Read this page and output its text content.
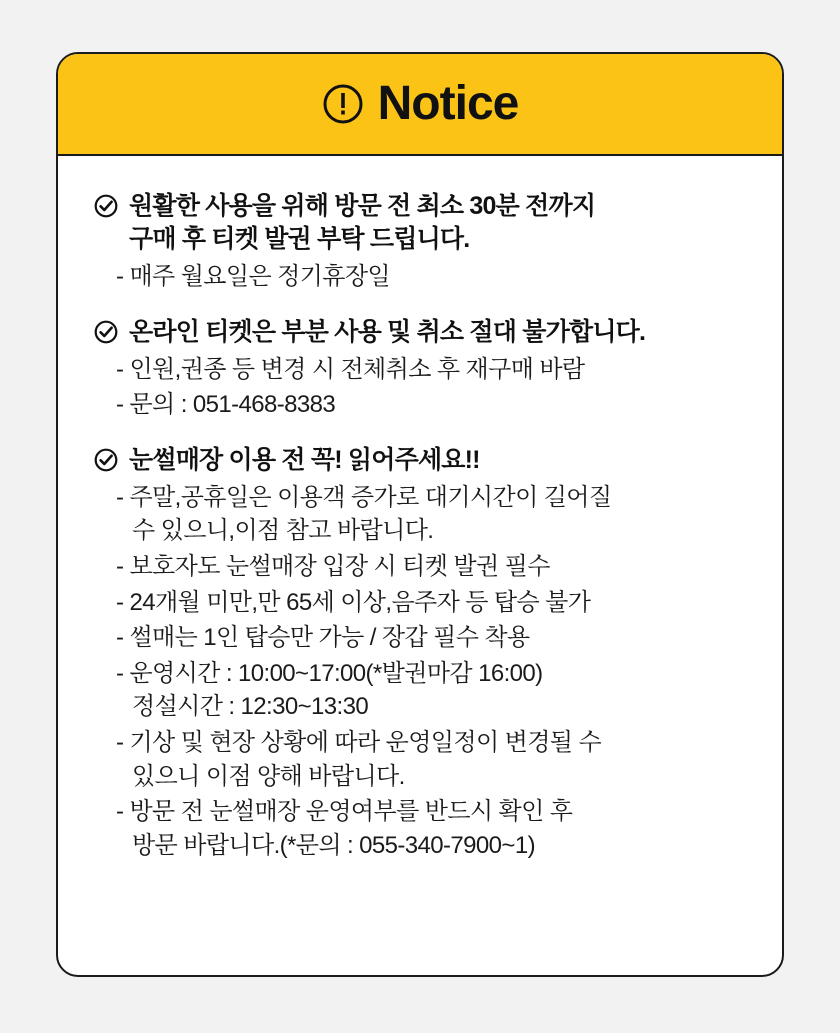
Notice
원활한 사용을 위해 방문 전 최소 30분 전까지
구매 후 티켓 발권 부탁 드립니다.
- 매주 월요일은 정기휴장일
온라인 티켓은 부분 사용 및 취소 절대 불가합니다.
- 인원,권종 등 변경 시 전체취소 후 재구매 바람
- 문의 : 051-468-8383
눈썰매장 이용 전 꼭! 읽어주세요!!
- 주말,공휴일은 이용객 증가로 대기시간이 길어질
수 있으니,이점 참고 바랍니다.
- 보호자도 눈썰매장 입장 시 티켓 발권 필수
- 24개월 미만,만 65세 이상,음주자 등 탑승 불가
- 썰매는 1인 탑승만 가능 / 장갑 필수 착용
- 운영시간 : 10:00~17:00(*발권마감 16:00)
정설시간 : 12:30~13:30
- 기상 및 현장 상황에 따라 운영일정이 변경될 수
있으니 이점 양해 바랍니다.
- 방문 전 눈썰매장 운영여부를 반드시 확인 후
방문 바랍니다.(*문의 : 055-340-7900~1)
